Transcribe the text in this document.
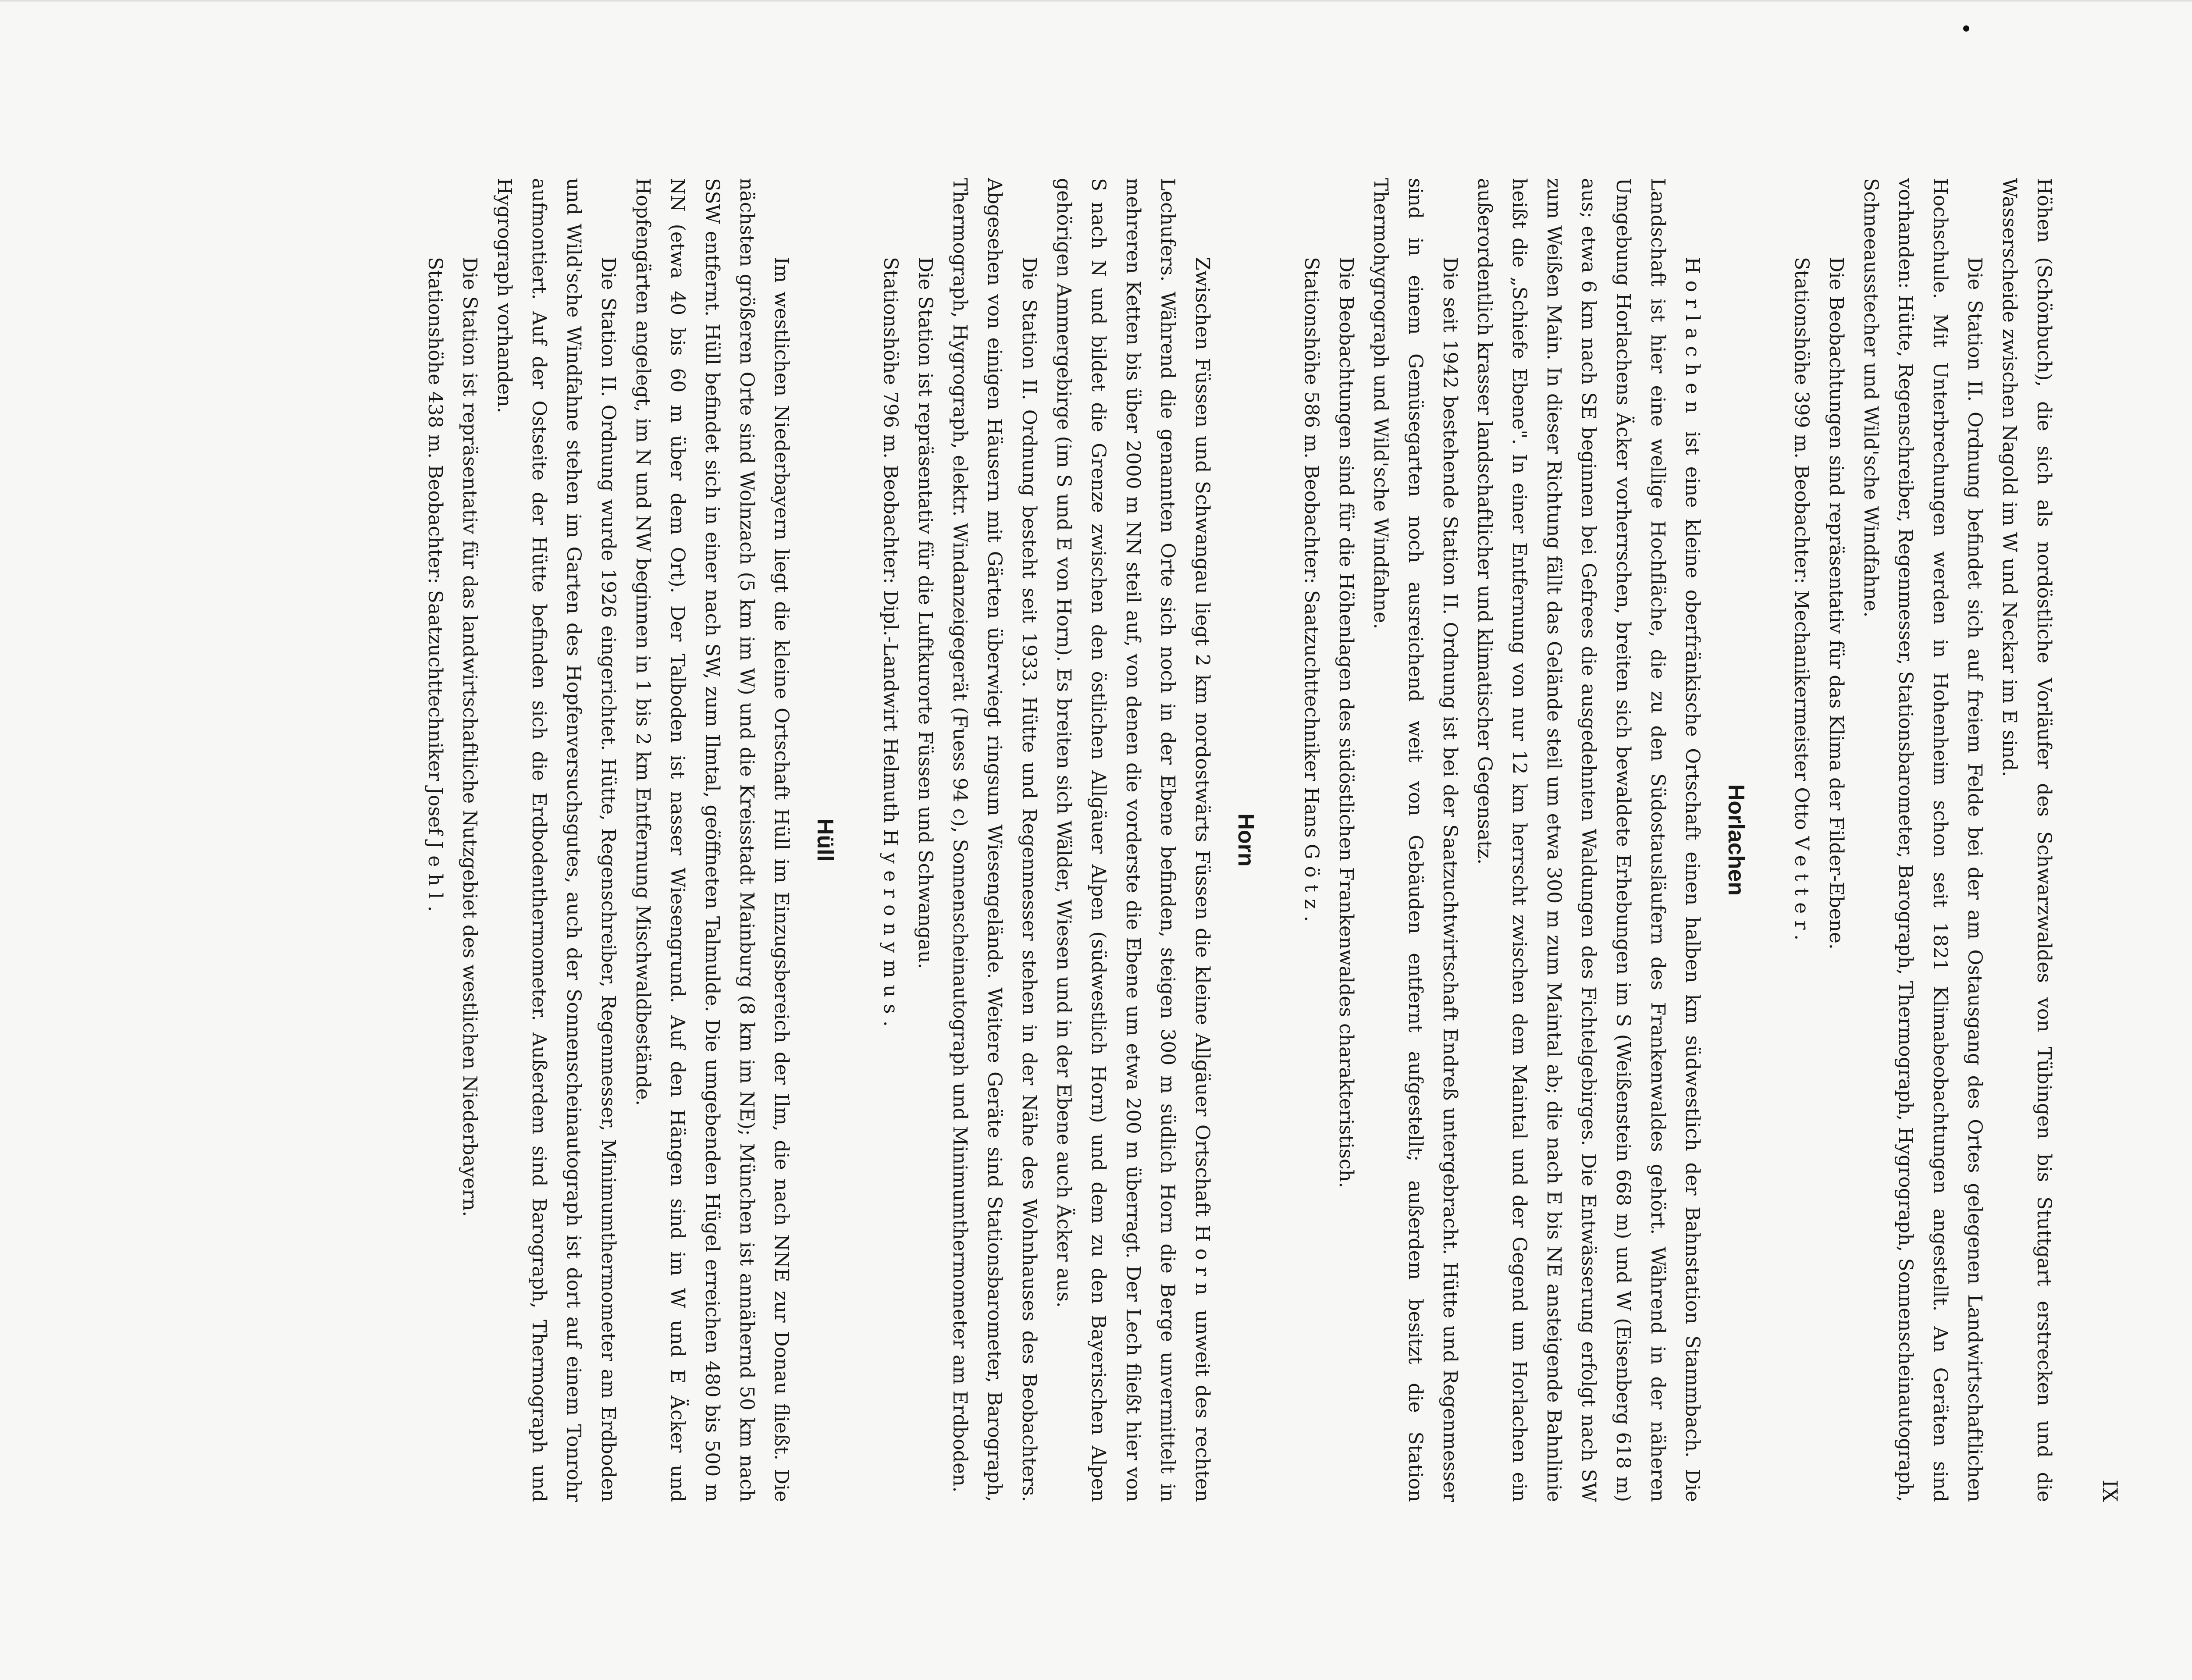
IX

Höhen (Schönbuch), die sich als nordöstliche Vorläufer des Schwarzwaldes von Tübingen bis Stuttgart erstrecken und die Wasserscheide zwischen Nagold im W und Neckar im E sind.

Die Station II. Ordnung befindet sich auf freiem Felde bei der am Ostausgang des Ortes gelegenen Landwirtschaftlichen Hochschule. Mit Unterbrechungen werden in Hohenheim schon seit 1821 Klimabeobachtungen angestellt. An Geräten sind vorhanden: Hütte, Regenschreiber, Regenmesser, Stationsbarometer, Barograph, Thermograph, Hygrograph, Sonnenscheinautograph, Schneeausstecher und Wild'sche Windfahne.

Die Beobachtungen sind repräsentativ für das Klima der Filder-Ebene.

Stationshöhe 399 m. Beobachter: Mechanikermeister Otto Vetter.

Horlachen

Horlachen ist eine kleine oberfränkische Ortschaft einen halben km südwestlich der Bahnstation Stammbach. Die Landschaft ist hier eine wellige Hochfläche, die zu den Südostausläufern des Frankenwaldes gehört. Während in der näheren Umgebung Horlachens Äcker vorherrschen, breiten sich bewaldete Erhebungen im S (Weißenstein 668 m) und W (Eisenberg 618 m) aus; etwa 6 km nach SE beginnen bei Gefrees die ausgedehnten Waldungen des Fichtelgebirges. Die Entwässerung erfolgt nach SW zum Weißen Main. In dieser Richtung fällt das Gelände steil um etwa 300 m zum Maintal ab; die nach E bis NE ansteigende Bahnlinie heißt die „Schiefe Ebene". In einer Entfernung von nur 12 km herrscht zwischen dem Maintal und der Gegend um Horlachen ein außerordentlich krasser landschaftlicher und klimatischer Gegensatz.

Die seit 1942 bestehende Station II. Ordnung ist bei der Saatzuchtwirtschaft Endreß untergebracht. Hütte und Regenmesser sind in einem Gemüsegarten noch ausreichend weit von Gebäuden entfernt aufgestellt; außerdem besitzt die Station Thermohygrograph und Wild'sche Windfahne.

Die Beobachtungen sind für die Höhenlagen des südöstlichen Frankenwaldes charakteristisch.

Stationshöhe 586 m. Beobachter: Saatzuchttechniker Hans Götz.

Horn

Zwischen Füssen und Schwangau liegt 2 km nordostwärts Füssen die kleine Allgäuer Ortschaft Horn unweit des rechten Lechufers. Während die genannten Orte sich noch in der Ebene befinden, steigen 300 m südlich Horn die Berge unvermittelt in mehreren Ketten bis über 2000 m NN steil auf, von denen die vorderste die Ebene um etwa 200 m überragt. Der Lech fließt hier von S nach N und bildet die Grenze zwischen den östlichen Allgäuer Alpen (südwestlich Horn) und dem zu den Bayerischen Alpen gehörigen Ammergebirge (im S und E von Horn). Es breiten sich Wälder, Wiesen und in der Ebene auch Äcker aus.

Die Station II. Ordnung besteht seit 1933. Hütte und Regenmesser stehen in der Nähe des Wohnhauses des Beobachters. Abgesehen von einigen Häusern mit Gärten überwiegt ringsum Wiesengelände. Weitere Geräte sind Stationsbarometer, Barograph, Thermograph, Hygrograph, elektr. Windanzeigegerät (Fuess 94 c), Sonnenscheinautograph und Minimumthermometer am Erdboden.

Die Station ist repräsentativ für die Luftkurorte Füssen und Schwangau.

Stationshöhe 796 m. Beobachter: Dipl.-Landwirt Helmuth Hyeronymus.

Hüll

Im westlichen Niederbayern liegt die kleine Ortschaft Hüll im Einzugsbereich der Ilm, die nach NNE zur Donau fließt. Die nächsten größeren Orte sind Wolnzach (5 km im W) und die Kreisstadt Mainburg (8 km im NE); München ist annähernd 50 km nach SSW entfernt. Hüll befindet sich in einer nach SW, zum Ilmtal, geöffneten Talmulde. Die umgebenden Hügel erreichen 480 bis 500 m NN (etwa 40 bis 60 m über dem Ort). Der Talboden ist nasser Wiesengrund. Auf den Hängen sind im W und E Äcker und Hopfengärten angelegt, im N und NW beginnen in 1 bis 2 km Entfernung Mischwaldbestände.

Die Station II. Ordnung wurde 1926 eingerichtet. Hütte, Regenschreiber, Regenmesser, Minimumthermometer am Erdboden und Wild'sche Windfahne stehen im Garten des Hopfenversuchsgutes, auch der Sonnenscheinautograph ist dort auf einem Tonrohr aufmontiert. Auf der Ostseite der Hütte befinden sich die Erdbodenthermometer. Außerdem sind Barograph, Thermograph und Hygrograph vorhanden.

Die Station ist repräsentativ für das landwirtschaftliche Nutzgebiet des westlichen Niederbayern.

Stationshöhe 438 m. Beobachter: Saatzuchttechniker Josef Jehl.
